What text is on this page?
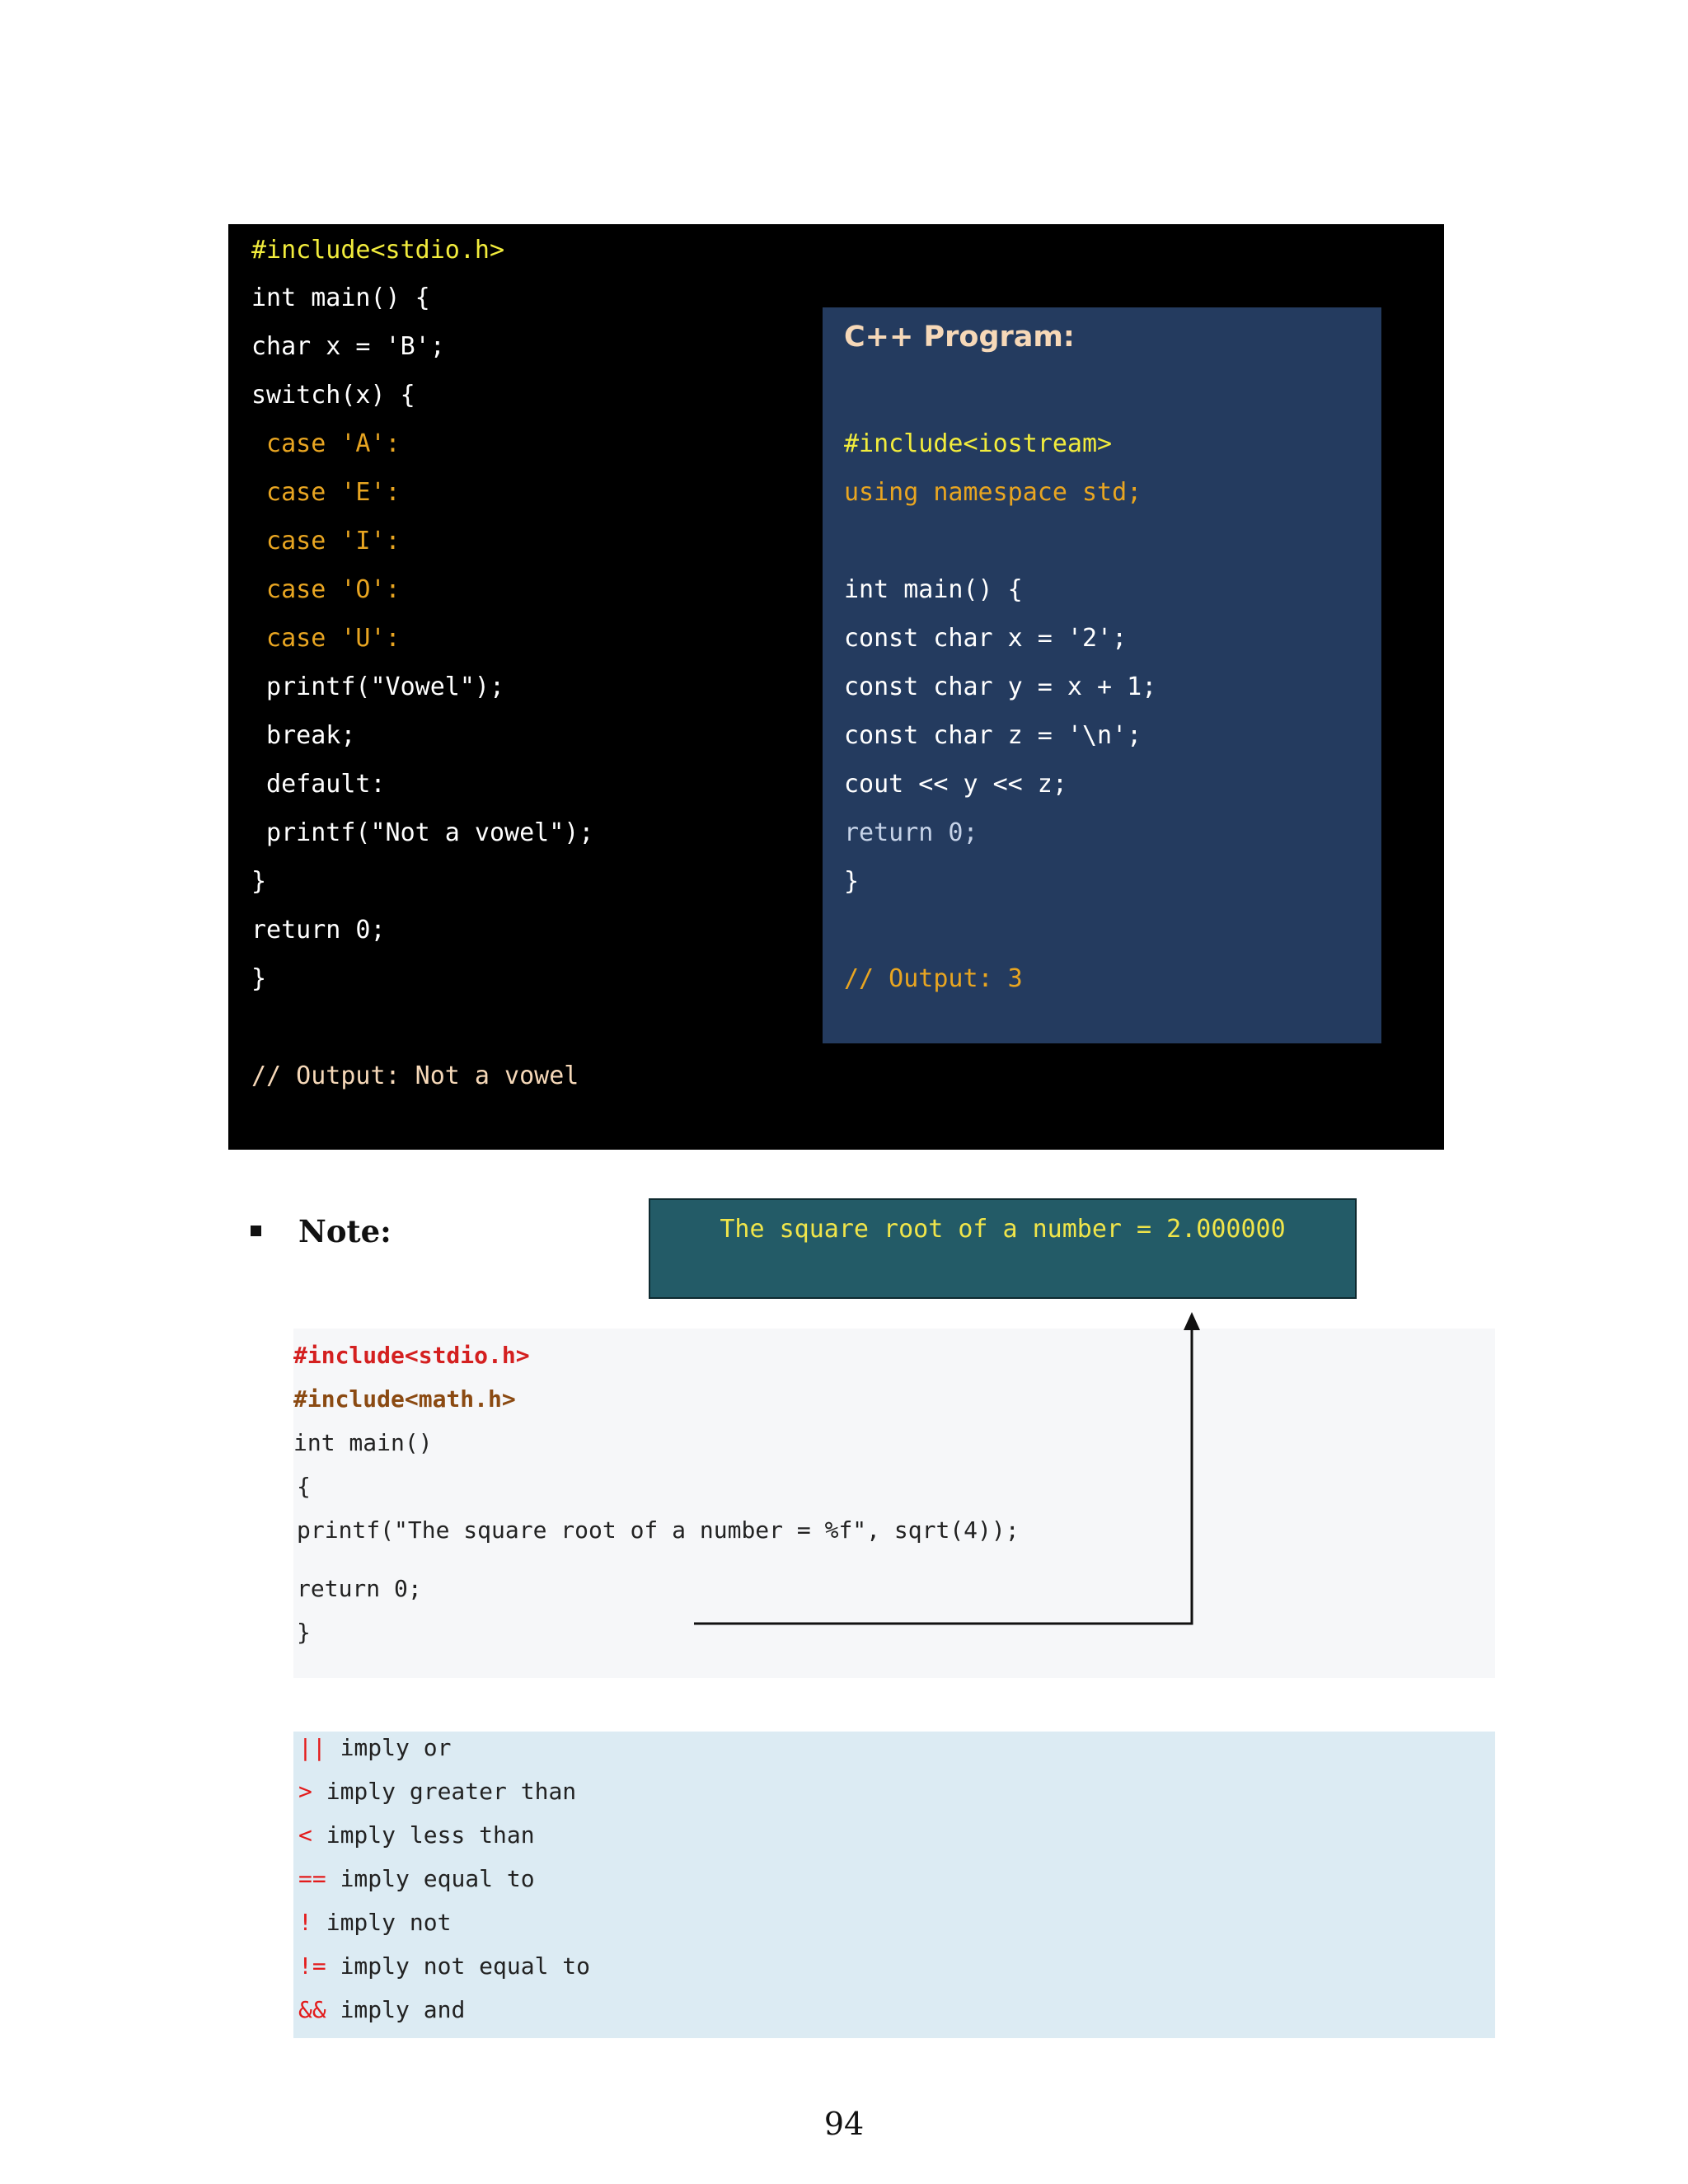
#include<stdio.h>
int main() {
char x = 'B';
switch(x) {
case 'A':
case 'E':
case 'I':
case 'O':
case 'U':
printf("Vowel");
break;
default:
printf("Not a vowel");
}
return 0;
}
// Output: Not a vowel
C++ Program:
#include<iostream>
using namespace std;
int main() {
const char x = '2';
const char y = x + 1;
const char z = '\n';
cout << y << z;
return 0;
}
// Output: 3
Note:	The square root of a number = 2.000000
#include<stdio.h>
#include<math.h>
int main()
{
printf("The square root of a number = %f", sqrt(4));
return 0;
}
|| imply or
> imply greater than
< imply less than
== imply equal to
! imply not
!= imply not equal to
&& imply and
94
